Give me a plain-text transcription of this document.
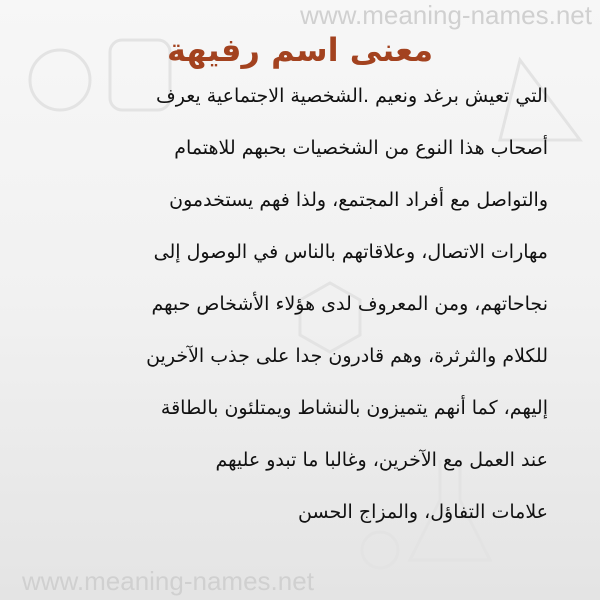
www.meaning-names.net
www.meaning-names.net
معنى اسم رفيهة
التي تعيش برغد ونعيم .الشخصية الاجتماعية يعرف
أصحاب هذا النوع من الشخصيات بحبهم للاهتمام
والتواصل مع أفراد المجتمع، ولذا فهم يستخدمون
مهارات الاتصال، وعلاقاتهم بالناس في الوصول إلى
نجاحاتهم، ومن المعروف لدى هؤلاء الأشخاص حبهم
للكلام والثرثرة، وهم قادرون جدا على جذب الآخرين
إليهم، كما أنهم يتميزون بالنشاط ويمتلئون بالطاقة
عند العمل مع الآخرين، وغالبا ما تبدو عليهم
علامات التفاؤل، والمزاج الحسن
